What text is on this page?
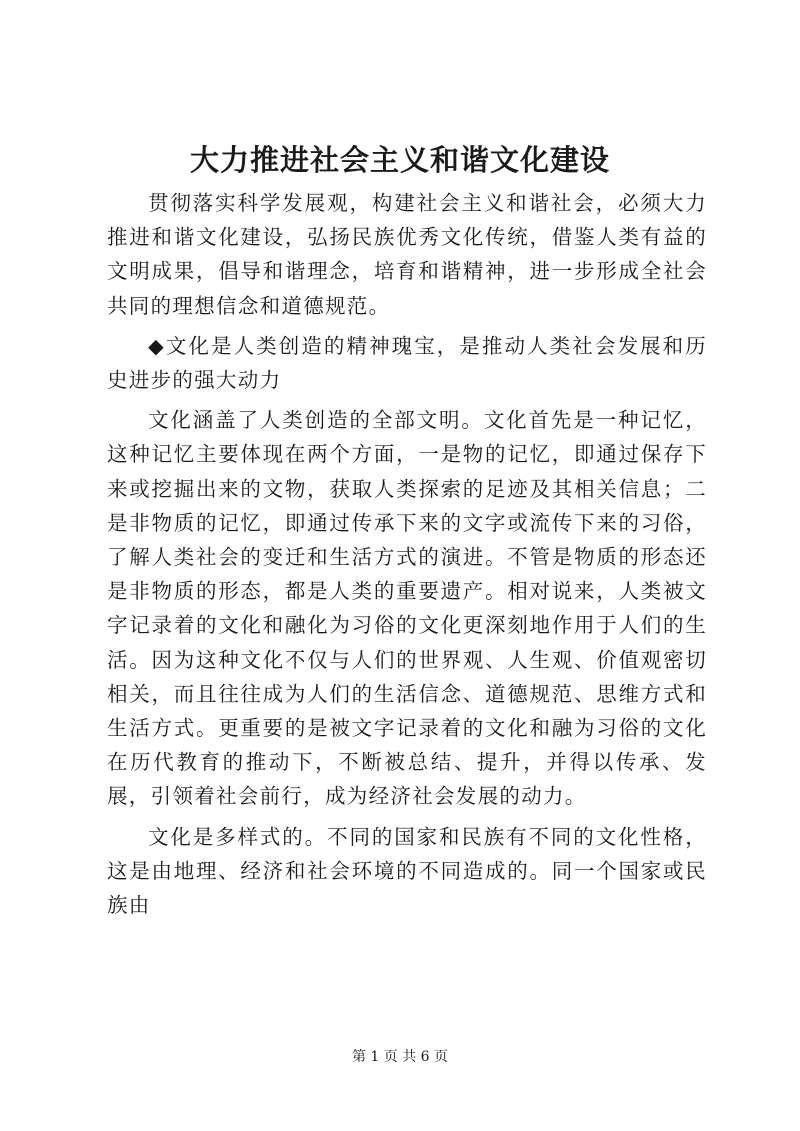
大力推进社会主义和谐文化建设

贯彻落实科学发展观，构建社会主义和谐社会，必须大力推进和谐文化建设，弘扬民族优秀文化传统，借鉴人类有益的文明成果，倡导和谐理念，培育和谐精神，进一步形成全社会共同的理想信念和道德规范。

◆文化是人类创造的精神瑰宝，是推动人类社会发展和历史进步的强大动力

文化涵盖了人类创造的全部文明。文化首先是一种记忆，这种记忆主要体现在两个方面，一是物的记忆，即通过保存下来或挖掘出来的文物，获取人类探索的足迹及其相关信息；二是非物质的记忆，即通过传承下来的文字或流传下来的习俗，了解人类社会的变迁和生活方式的演进。不管是物质的形态还是非物质的形态，都是人类的重要遗产。相对说来，人类被文字记录着的文化和融化为习俗的文化更深刻地作用于人们的生活。因为这种文化不仅与人们的世界观、人生观、价值观密切相关，而且往往成为人们的生活信念、道德规范、思维方式和生活方式。更重要的是被文字记录着的文化和融为习俗的文化在历代教育的推动下，不断被总结、提升，并得以传承、发展，引领着社会前行，成为经济社会发展的动力。

文化是多样式的。不同的国家和民族有不同的文化性格，这是由地理、经济和社会环境的不同造成的。同一个国家或民族由

第 1 页 共 6 页
